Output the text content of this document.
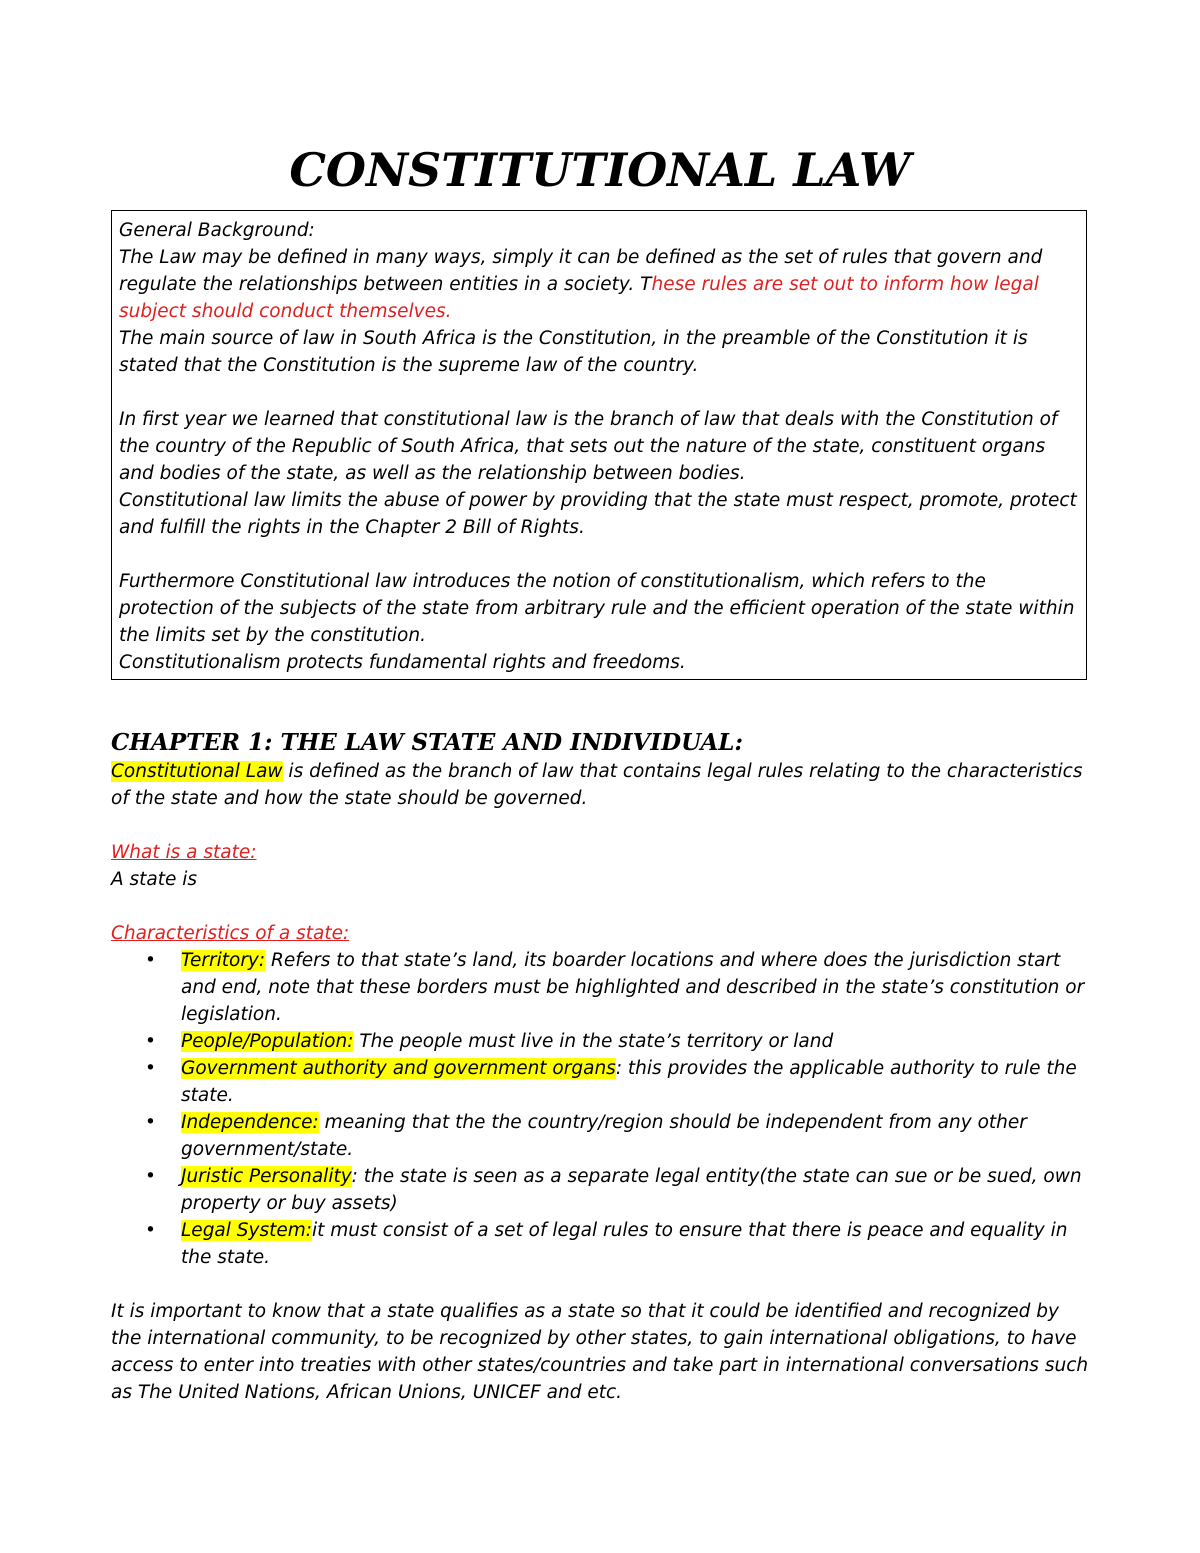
CONSTITUTIONAL LAW

General Background:

The Law may be defined in many ways, simply it can be defined as the set of rules that govern and regulate the relationships between entities in a society. These rules are set out to inform how legal subject should conduct themselves.

The main source of law in South Africa is the Constitution, in the preamble of the Constitution it is stated that the Constitution is the supreme law of the country.

In first year we learned that constitutional law is the branch of law that deals with the Constitution of the country of the Republic of South Africa, that sets out the nature of the state, constituent organs and bodies of the state, as well as the relationship between bodies.

Constitutional law limits the abuse of power by providing that the state must respect, promote, protect and fulfill the rights in the Chapter 2 Bill of Rights.

Furthermore Constitutional law introduces the notion of constitutionalism, which refers to the protection of the subjects of the state from arbitrary rule and the efficient operation of the state within the limits set by the constitution.

Constitutionalism protects fundamental rights and freedoms.

CHAPTER 1: THE LAW STATE AND INDIVIDUAL:

Constitutional Law is defined as the branch of law that contains legal rules relating to the characteristics of the state and how the state should be governed.

What is a state:

A state is

Characteristics of a state:

• Territory: Refers to that state’s land, its boarder locations and where does the jurisdiction start and end, note that these borders must be highlighted and described in the state’s constitution or legislation.
• People/Population: The people must live in the state’s territory or land
• Government authority and government organs: this provides the applicable authority to rule the state.
• Independence: meaning that the the country/region should be independent from any other government/state.
• Juristic Personality: the state is seen as a separate legal entity(the state can sue or be sued, own property or buy assets)
• Legal System:it must consist of a set of legal rules to ensure that there is peace and equality in the state.

It is important to know that a state qualifies as a state so that it could be identified and recognized by the international community, to be recognized by other states, to gain international obligations, to have access to enter into treaties with other states/countries and take part in international conversations such as The United Nations, African Unions, UNICEF and etc.
